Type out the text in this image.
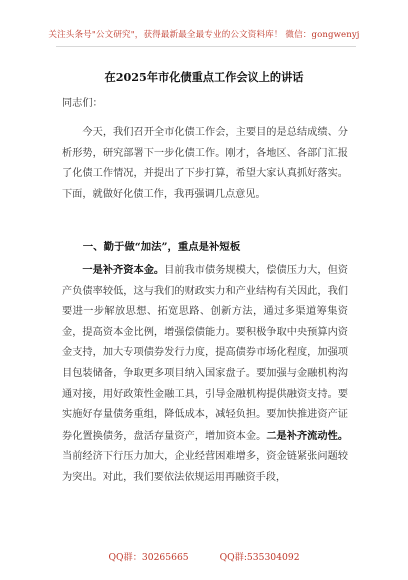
关注头条号"公文研究"，获得最新最全最专业的公文资料库！ 微信：gongwenyj
在2025年市化债重点工作会议上的讲话
同志们：
今天，我们召开全市化债工作会，主要目的是总结成绩、分析形势，研究部署下一步化债工作。刚才，各地区、各部门汇报了化债工作情况，并提出了下步打算，希望大家认真抓好落实。下面，就做好化债工作，我再强调几点意见。
一、勤于做“加法”，重点是补短板
一是补齐资本金。目前我市债务规模大，偿债压力大，但资产负债率较低，这与我们的财政实力和产业结构有关因此，我们要进一步解放思想、拓宽思路、创新方法，通过多渠道筹集资金，提高资本金比例，增强偿债能力。要积极争取中央预算内资金支持，加大专项债券发行力度，提高债券市场化程度，加强项目包装储备，争取更多项目纳入国家盘子。要加强与金融机构沟通对接，用好政策性金融工具，引导金融机构提供融资支持。要实施好存量债务重组，降低成本，减轻负担。要加快推进资产证券化置换债务，盘活存量资产，增加资本金。二是补齐流动性。当前经济下行压力加大，企业经营困难增多，资金链紧张问题较为突出。对此，我们要依法依规运用再融资手段，
QQ群：30265665	QQ群:535304092
